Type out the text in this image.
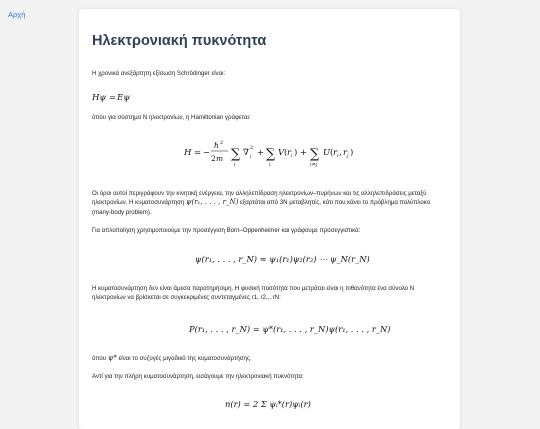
Αρχή
Ηλεκτρονιακή πυκνότητα

Η χρονικά ανεξάρτητη εξίσωση Schrödinger είναι:

Hψ = Eψ

όπου για σύστημα N ηλεκτρονίων, η Hamiltonian γράφεται:

H = −
ℏ 2
2 m ∑
i
∇ 2
i + ∑
i
V ( r i ) + ∑
i≠j
U ( r i , r j )

Οι όροι αυτοί περιγράφουν την κινητική ενέργεια, την αλληλεπίδραση ηλεκτρονίων–πυρήνων και τις αλληλεπιδράσεις μεταξύ ηλεκτρονίων. Η κυματοσυνάρτηση ψ(r₁, . . . , r_N) εξαρτάται από 3N μεταβλητές, κάτι που κάνει το πρόβλημα πολύπλοκο (many-body problem).

Για απλοποίηση χρησιμοποιούμε την προσέγγιση Born–Oppenheimer και γράφουμε προσεγγιστικά:

ψ(r₁, . . . , r_N) ≈ ψ₁(r₁)ψ₂(r₂) ⋯ ψ_N(r_N)

Η κυματοσυνάρτηση δεν είναι άμεσα παρατηρήσιμη. Η φυσική ποσότητα που μετράται είναι η πιθανότητα ένα σύνολο N ηλεκτρονίων να βρίσκεται σε συγκεκριμένες συντεταγμένες r1, r2,...rN:

P(r₁, . . . , r_N) = ψ*(r₁, . . . , r_N)ψ(r₁, . . . , r_N)

όπου ψ* είναι το συζυγές μιγαδικό της κυματοσυνάρτησης.

Αντί για την πλήρη κυματοσυνάρτηση, εισάγουμε την ηλεκτρονιακή πυκνότητα:

n(r) = 2 Σ ψᵢ*(r)ψᵢ(r)
